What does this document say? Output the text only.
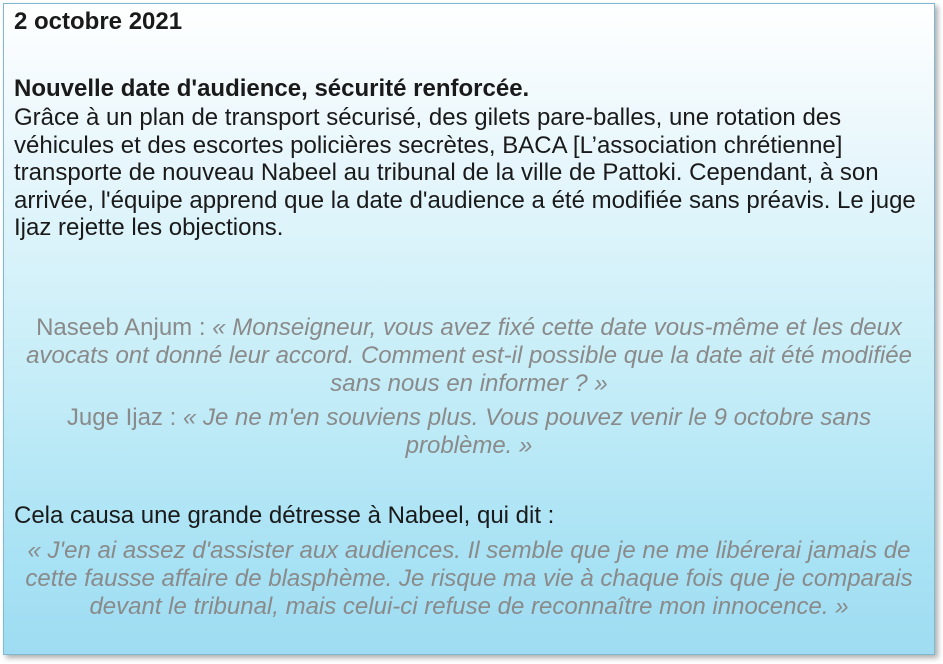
2 octobre 2021

Nouvelle date d'audience, sécurité renforcée.

Grâce à un plan de transport sécurisé, des gilets pare-balles, une rotation des véhicules et des escortes policières secrètes, BACA [L’association chrétienne] transporte de nouveau Nabeel au tribunal de la ville de Pattoki. Cependant, à son arrivée, l'équipe apprend que la date d'audience a été modifiée sans préavis. Le juge Ijaz rejette les objections.

Naseeb Anjum : « Monseigneur, vous avez fixé cette date vous-même et les deux avocats ont donné leur accord. Comment est-il possible que la date ait été modifiée sans nous en informer ? »

Juge Ijaz : « Je ne m'en souviens plus. Vous pouvez venir le 9 octobre sans problème. »

Cela causa une grande détresse à Nabeel, qui dit :

« J'en ai assez d'assister aux audiences. Il semble que je ne me libérerai jamais de cette fausse affaire de blasphème. Je risque ma vie à chaque fois que je comparais devant le tribunal, mais celui-ci refuse de reconnaître mon innocence. »
